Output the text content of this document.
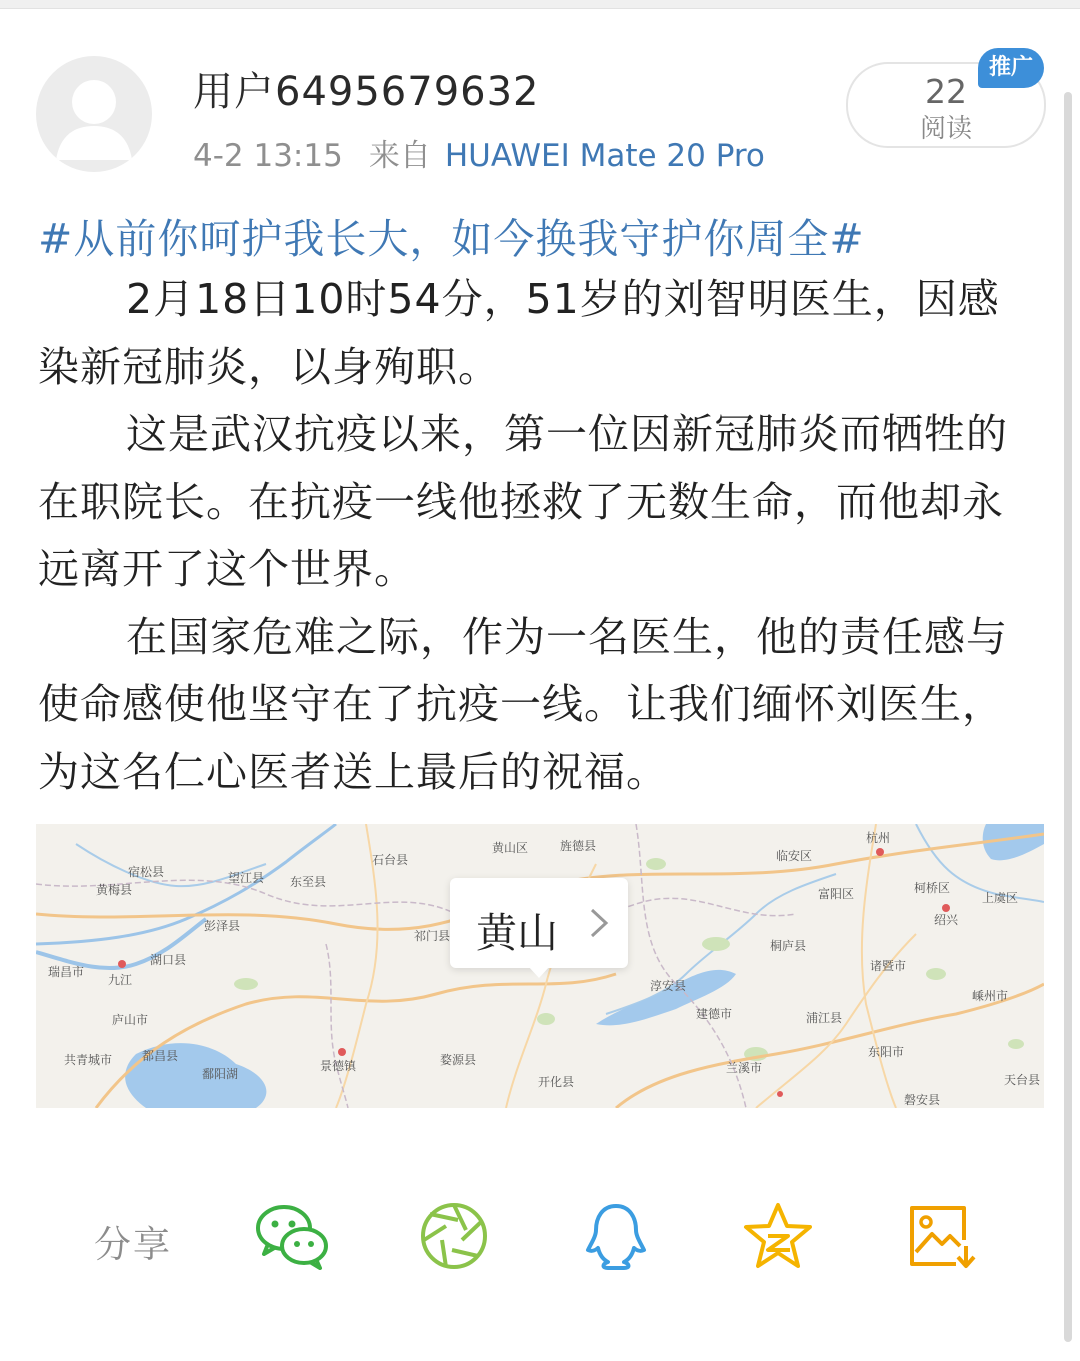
用户6495679632
4-2 13:15 来自 HUAWEI Mate 20 Pro
22
阅读
推广
#从前你呵护我长大，如今换我守护你周全#

2月18日10时54分，51岁的刘智明医生，因感染新冠肺炎，以身殉职。

这是武汉抗疫以来，第一位因新冠肺炎而牺牲的在职院长。在抗疫一线他拯救了无数生命，而他却永远离开了这个世界。

在国家危难之际，作为一名医生，他的责任感与使命感使他坚守在了抗疫一线。让我们缅怀刘医生，为这名仁心医者送上最后的祝福。

宿松县	望江县 东至县
石台县
黄山区	旌德县
临安区
杭州
黄梅县
彭泽县
祁门县
富阳区	柯桥区
上虞区
绍兴
九江
瑞昌市
湖口县
庐山市
桐庐县
诸暨市
嵊州市
共青城市 都昌县
鄱阳湖
景德镇	婺源县
开化县
淳安县
建德市
兰溪市
浦江县
东阳市
天台县
磐安县
黄山
分享
